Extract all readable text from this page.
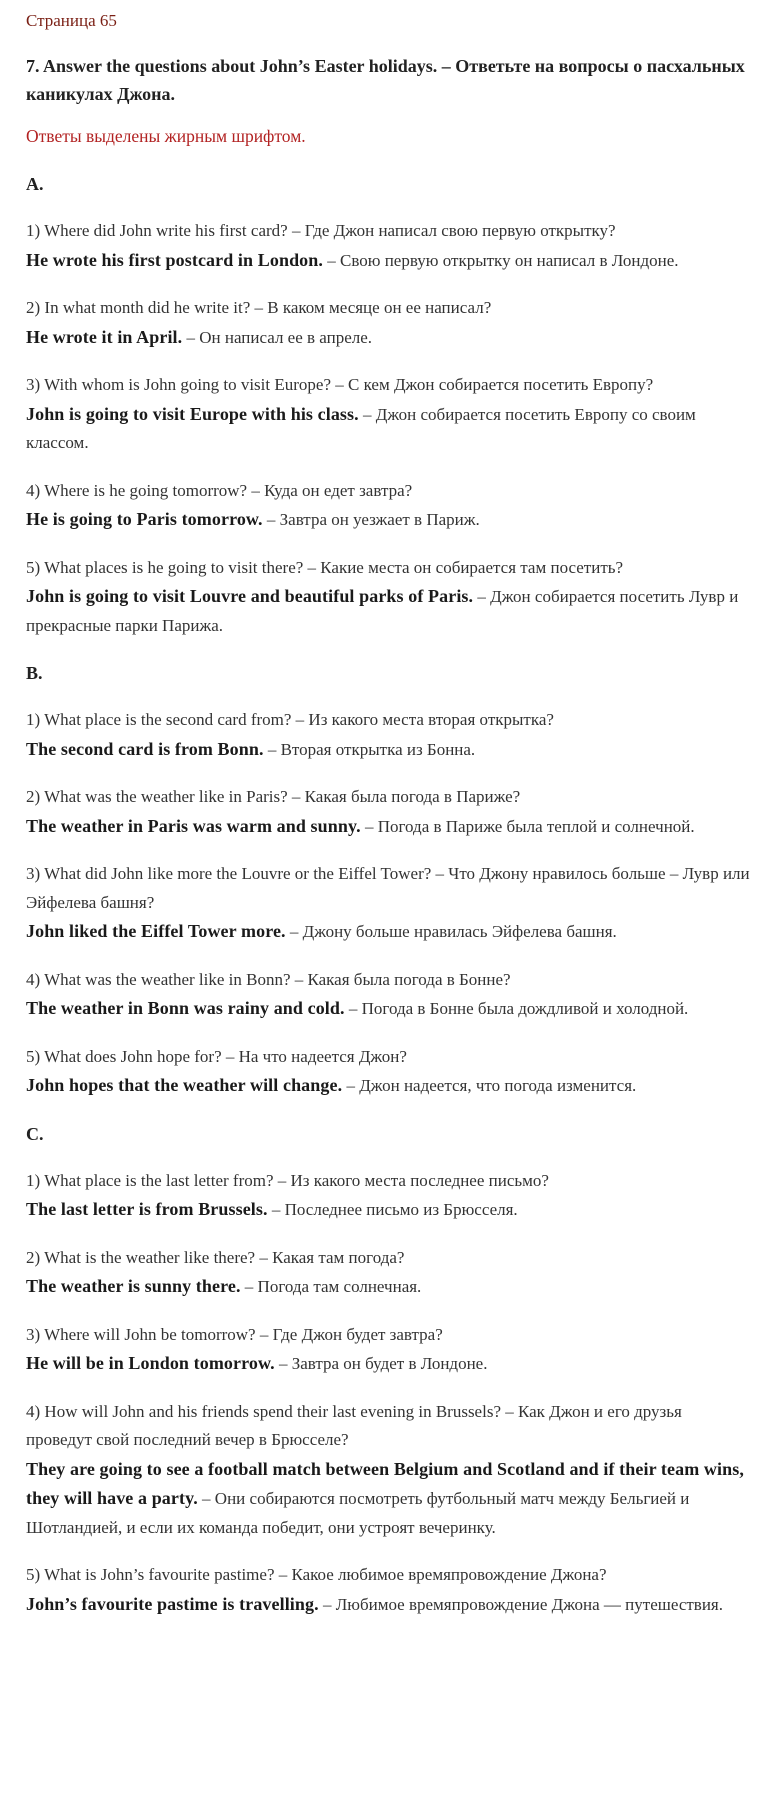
Страница 65

7. Answer the questions about John’s Easter holidays. – Ответьте на вопросы о пасхальных каникулах Джона.

Ответы выделены жирным шрифтом.

A.

1) Where did John write his first card? – Где Джон написал свою первую открытку?

He wrote his first postcard in London. – Свою первую открытку он написал в Лондоне.

2) In what month did he write it? – В каком месяце он ее написал?

He wrote it in April. – Он написал ее в апреле.

3) With whom is John going to visit Europe? – С кем Джон собирается посетить Европу?

John is going to visit Europe with his class. – Джон собирается посетить Европу со своим классом.

4) Where is he going tomorrow? – Куда он едет завтра?

He is going to Paris tomorrow. – Завтра он уезжает в Париж.

5) What places is he going to visit there? – Какие места он собирается там посетить?

John is going to visit Louvre and beautiful parks of Paris. – Джон собирается посетить Лувр и прекрасные парки Парижа.

B.

1) What place is the second card from? – Из какого места вторая открытка?

The second card is from Bonn. – Вторая открытка из Бонна.

2) What was the weather like in Paris? – Какая была погода в Париже?

The weather in Paris was warm and sunny. – Погода в Париже была теплой и солнечной.

3) What did John like more the Louvre or the Eiffel Tower? – Что Джону нравилось больше – Лувр или Эйфелева башня?

John liked the Eiffel Tower more. – Джону больше нравилась Эйфелева башня.

4) What was the weather like in Bonn? – Какая была погода в Бонне?

The weather in Bonn was rainy and cold. – Погода в Бонне была дождливой и холодной.

5) What does John hope for? – На что надеется Джон?

John hopes that the weather will change. – Джон надеется, что погода изменится.

C.

1) What place is the last letter from? – Из какого места последнее письмо?

The last letter is from Brussels. – Последнее письмо из Брюсселя.

2) What is the weather like there? – Какая там погода?

The weather is sunny there. – Погода там солнечная.

3) Where will John be tomorrow? – Где Джон будет завтра?

He will be in London tomorrow. – Завтра он будет в Лондоне.

4) How will John and his friends spend their last evening in Brussels? – Как Джон и его друзья проведут свой последний вечер в Брюсселе?

They are going to see a football match between Belgium and Scotland and if their team wins, they will have a party. – Они собираются посмотреть футбольный матч между Бельгией и Шотландией, и если их команда победит, они устроят вечеринку.

5) What is John’s favourite pastime? – Какое любимое времяпровождение Джона?

John’s favourite pastime is travelling. – Любимое времяпровождение Джона — путешествия.
